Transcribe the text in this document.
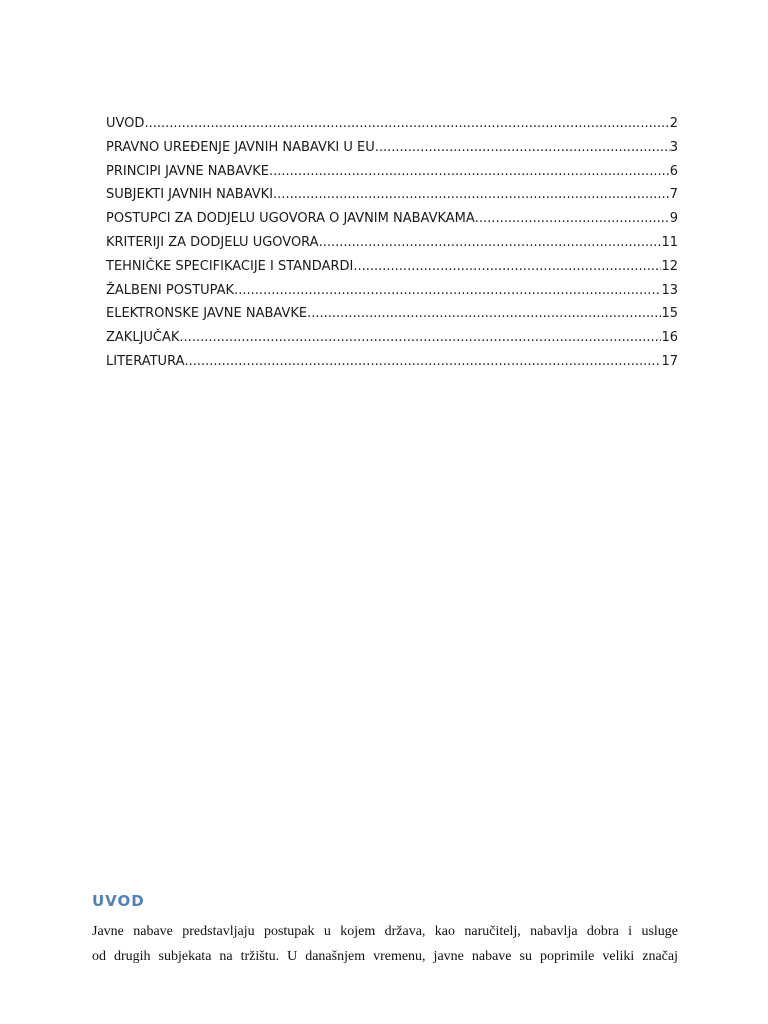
UVOD .....	2
PRAVNO UREĐENJE JAVNIH NABAVKI U EU .....	3
PRINCIPI JAVNE NABAVKE .....	6
SUBJEKTI JAVNIH NABAVKI .....	7
POSTUPCI ZA DODJELU UGOVORA O JAVNIM NABAVKAMA .....	9
KRITERIJI ZA DODJELU UGOVORA .....	11
TEHNIČKE SPECIFIKACIJE I STANDARDI .....	12
ŽALBENI POSTUPAK .....	13
ELEKTRONSKE JAVNE NABAVKE .....	15
ZAKLJUČAK .....	16
LITERATURA .....	17
UVOD
Javne nabave predstavljaju postupak u kojem država, kao naručitelj, nabavlja dobra i usluge
od drugih subjekata na tržištu. U današnjem vremenu, javne nabave su poprimile veliki značaj
